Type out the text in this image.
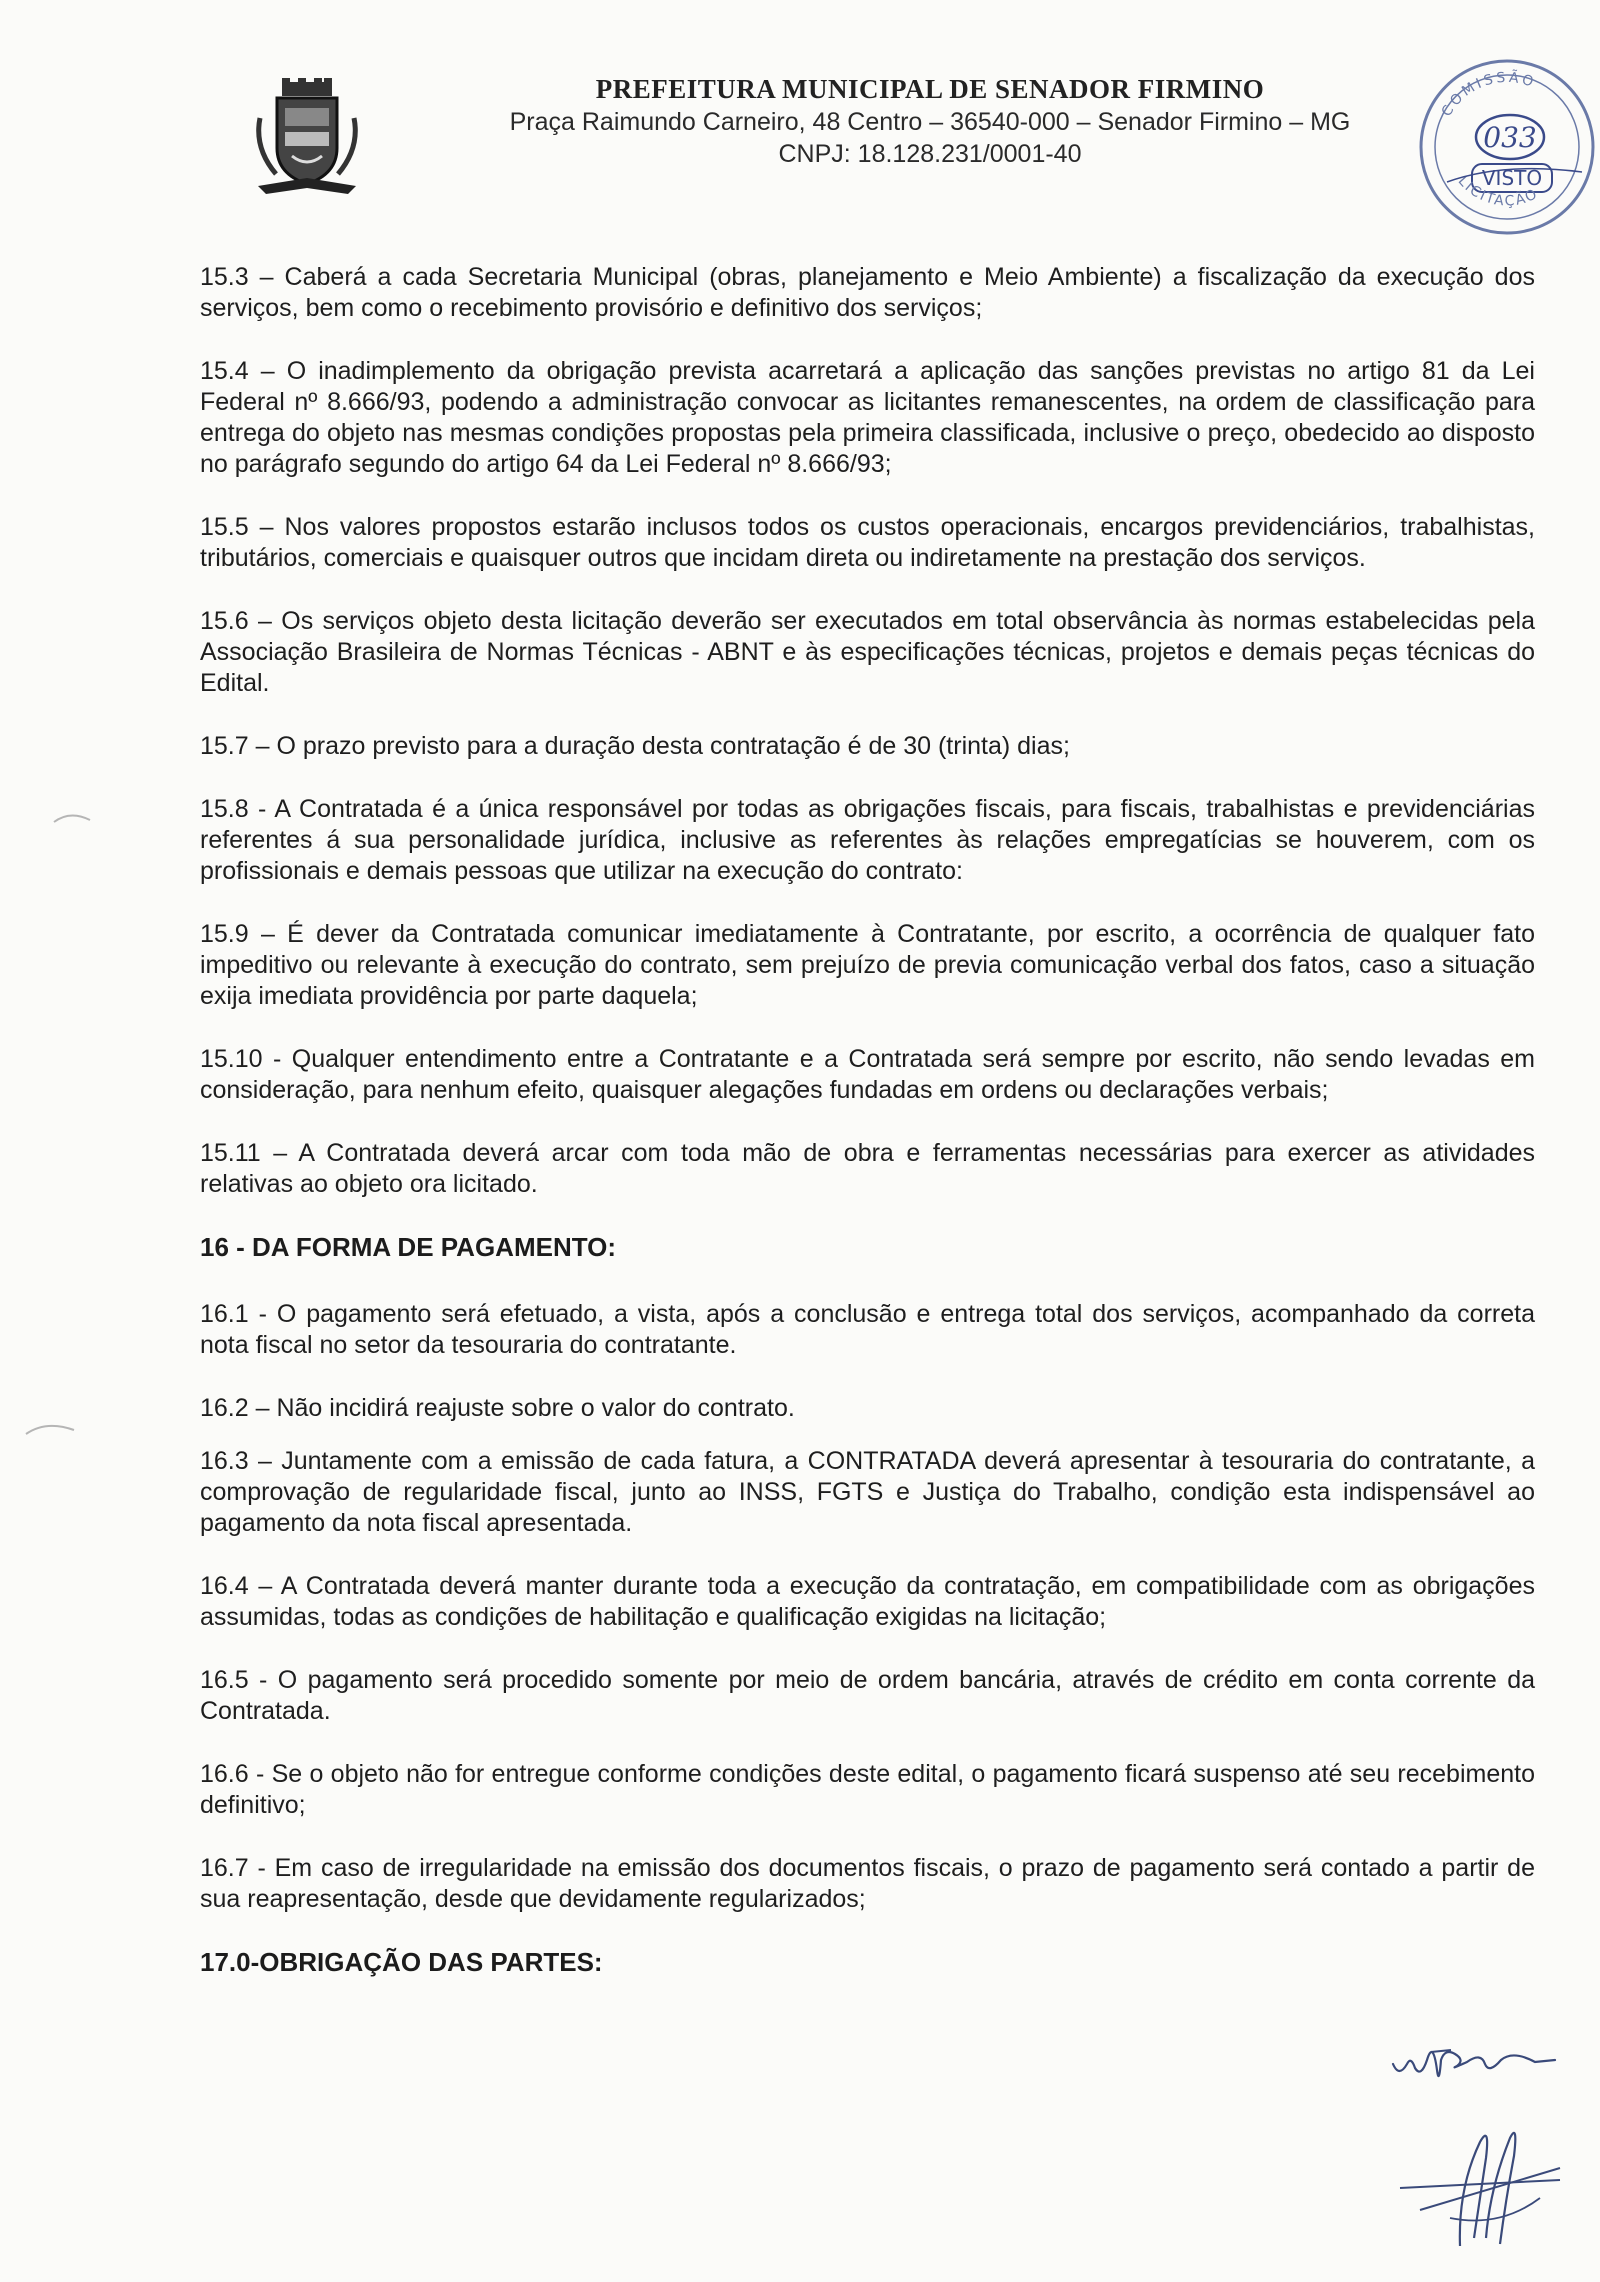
PREFEITURA MUNICIPAL DE SENADOR FIRMINO
Praça Raimundo Carneiro, 48 Centro – 36540-000 – Senador Firmino – MG
CNPJ: 18.128.231/0001-40
COMISSÃO
033
VISTO
LICITAÇÃO

15.3 – Caberá a cada Secretaria Municipal (obras, planejamento e Meio Ambiente) a fiscalização da execução dos serviços, bem como o recebimento provisório e definitivo dos serviços;

15.4 – O inadimplemento da obrigação prevista acarretará a aplicação das sanções previstas no artigo 81 da Lei Federal nº 8.666/93, podendo a administração convocar as licitantes remanescentes, na ordem de classificação para entrega do objeto nas mesmas condições propostas pela primeira classificada, inclusive o preço, obedecido ao disposto no parágrafo segundo do artigo 64 da Lei Federal nº 8.666/93;

15.5 – Nos valores propostos estarão inclusos todos os custos operacionais, encargos previdenciários, trabalhistas, tributários, comerciais e quaisquer outros que incidam direta ou indiretamente na prestação dos serviços.

15.6 – Os serviços objeto desta licitação deverão ser executados em total observância às normas estabelecidas pela Associação Brasileira de Normas Técnicas - ABNT e às especificações técnicas, projetos e demais peças técnicas do Edital.

15.7 – O prazo previsto para a duração desta contratação é de 30 (trinta) dias;

15.8 - A Contratada é a única responsável por todas as obrigações fiscais, para fiscais, trabalhistas e previdenciárias referentes á sua personalidade jurídica, inclusive as referentes às relações empregatícias se houverem, com os profissionais e demais pessoas que utilizar na execução do contrato:

15.9 – É dever da Contratada comunicar imediatamente à Contratante, por escrito, a ocorrência de qualquer fato impeditivo ou relevante à execução do contrato, sem prejuízo de previa comunicação verbal dos fatos, caso a situação exija imediata providência por parte daquela;

15.10 - Qualquer entendimento entre a Contratante e a Contratada será sempre por escrito, não sendo levadas em consideração, para nenhum efeito, quaisquer alegações fundadas em ordens ou declarações verbais;

15.11 – A Contratada deverá arcar com toda mão de obra e ferramentas necessárias para exercer as atividades relativas ao objeto ora licitado.

16 - DA FORMA DE PAGAMENTO:

16.1 - O pagamento será efetuado, a vista, após a conclusão e entrega total dos serviços, acompanhado da correta nota fiscal no setor da tesouraria do contratante.

16.2 – Não incidirá reajuste sobre o valor do contrato.

16.3 – Juntamente com a emissão de cada fatura, a CONTRATADA deverá apresentar à tesouraria do contratante, a comprovação de regularidade fiscal, junto ao INSS, FGTS e Justiça do Trabalho, condição esta indispensável ao pagamento da nota fiscal apresentada.

16.4 – A Contratada deverá manter durante toda a execução da contratação, em compatibilidade com as obrigações assumidas, todas as condições de habilitação e qualificação exigidas na licitação;

16.5 - O pagamento será procedido somente por meio de ordem bancária, através de crédito em conta corrente da Contratada.

16.6 - Se o objeto não for entregue conforme condições deste edital, o pagamento ficará suspenso até seu recebimento definitivo;

16.7 - Em caso de irregularidade na emissão dos documentos fiscais, o prazo de pagamento será contado a partir de sua reapresentação, desde que devidamente regularizados;

17.0-OBRIGAÇÃO DAS PARTES:
